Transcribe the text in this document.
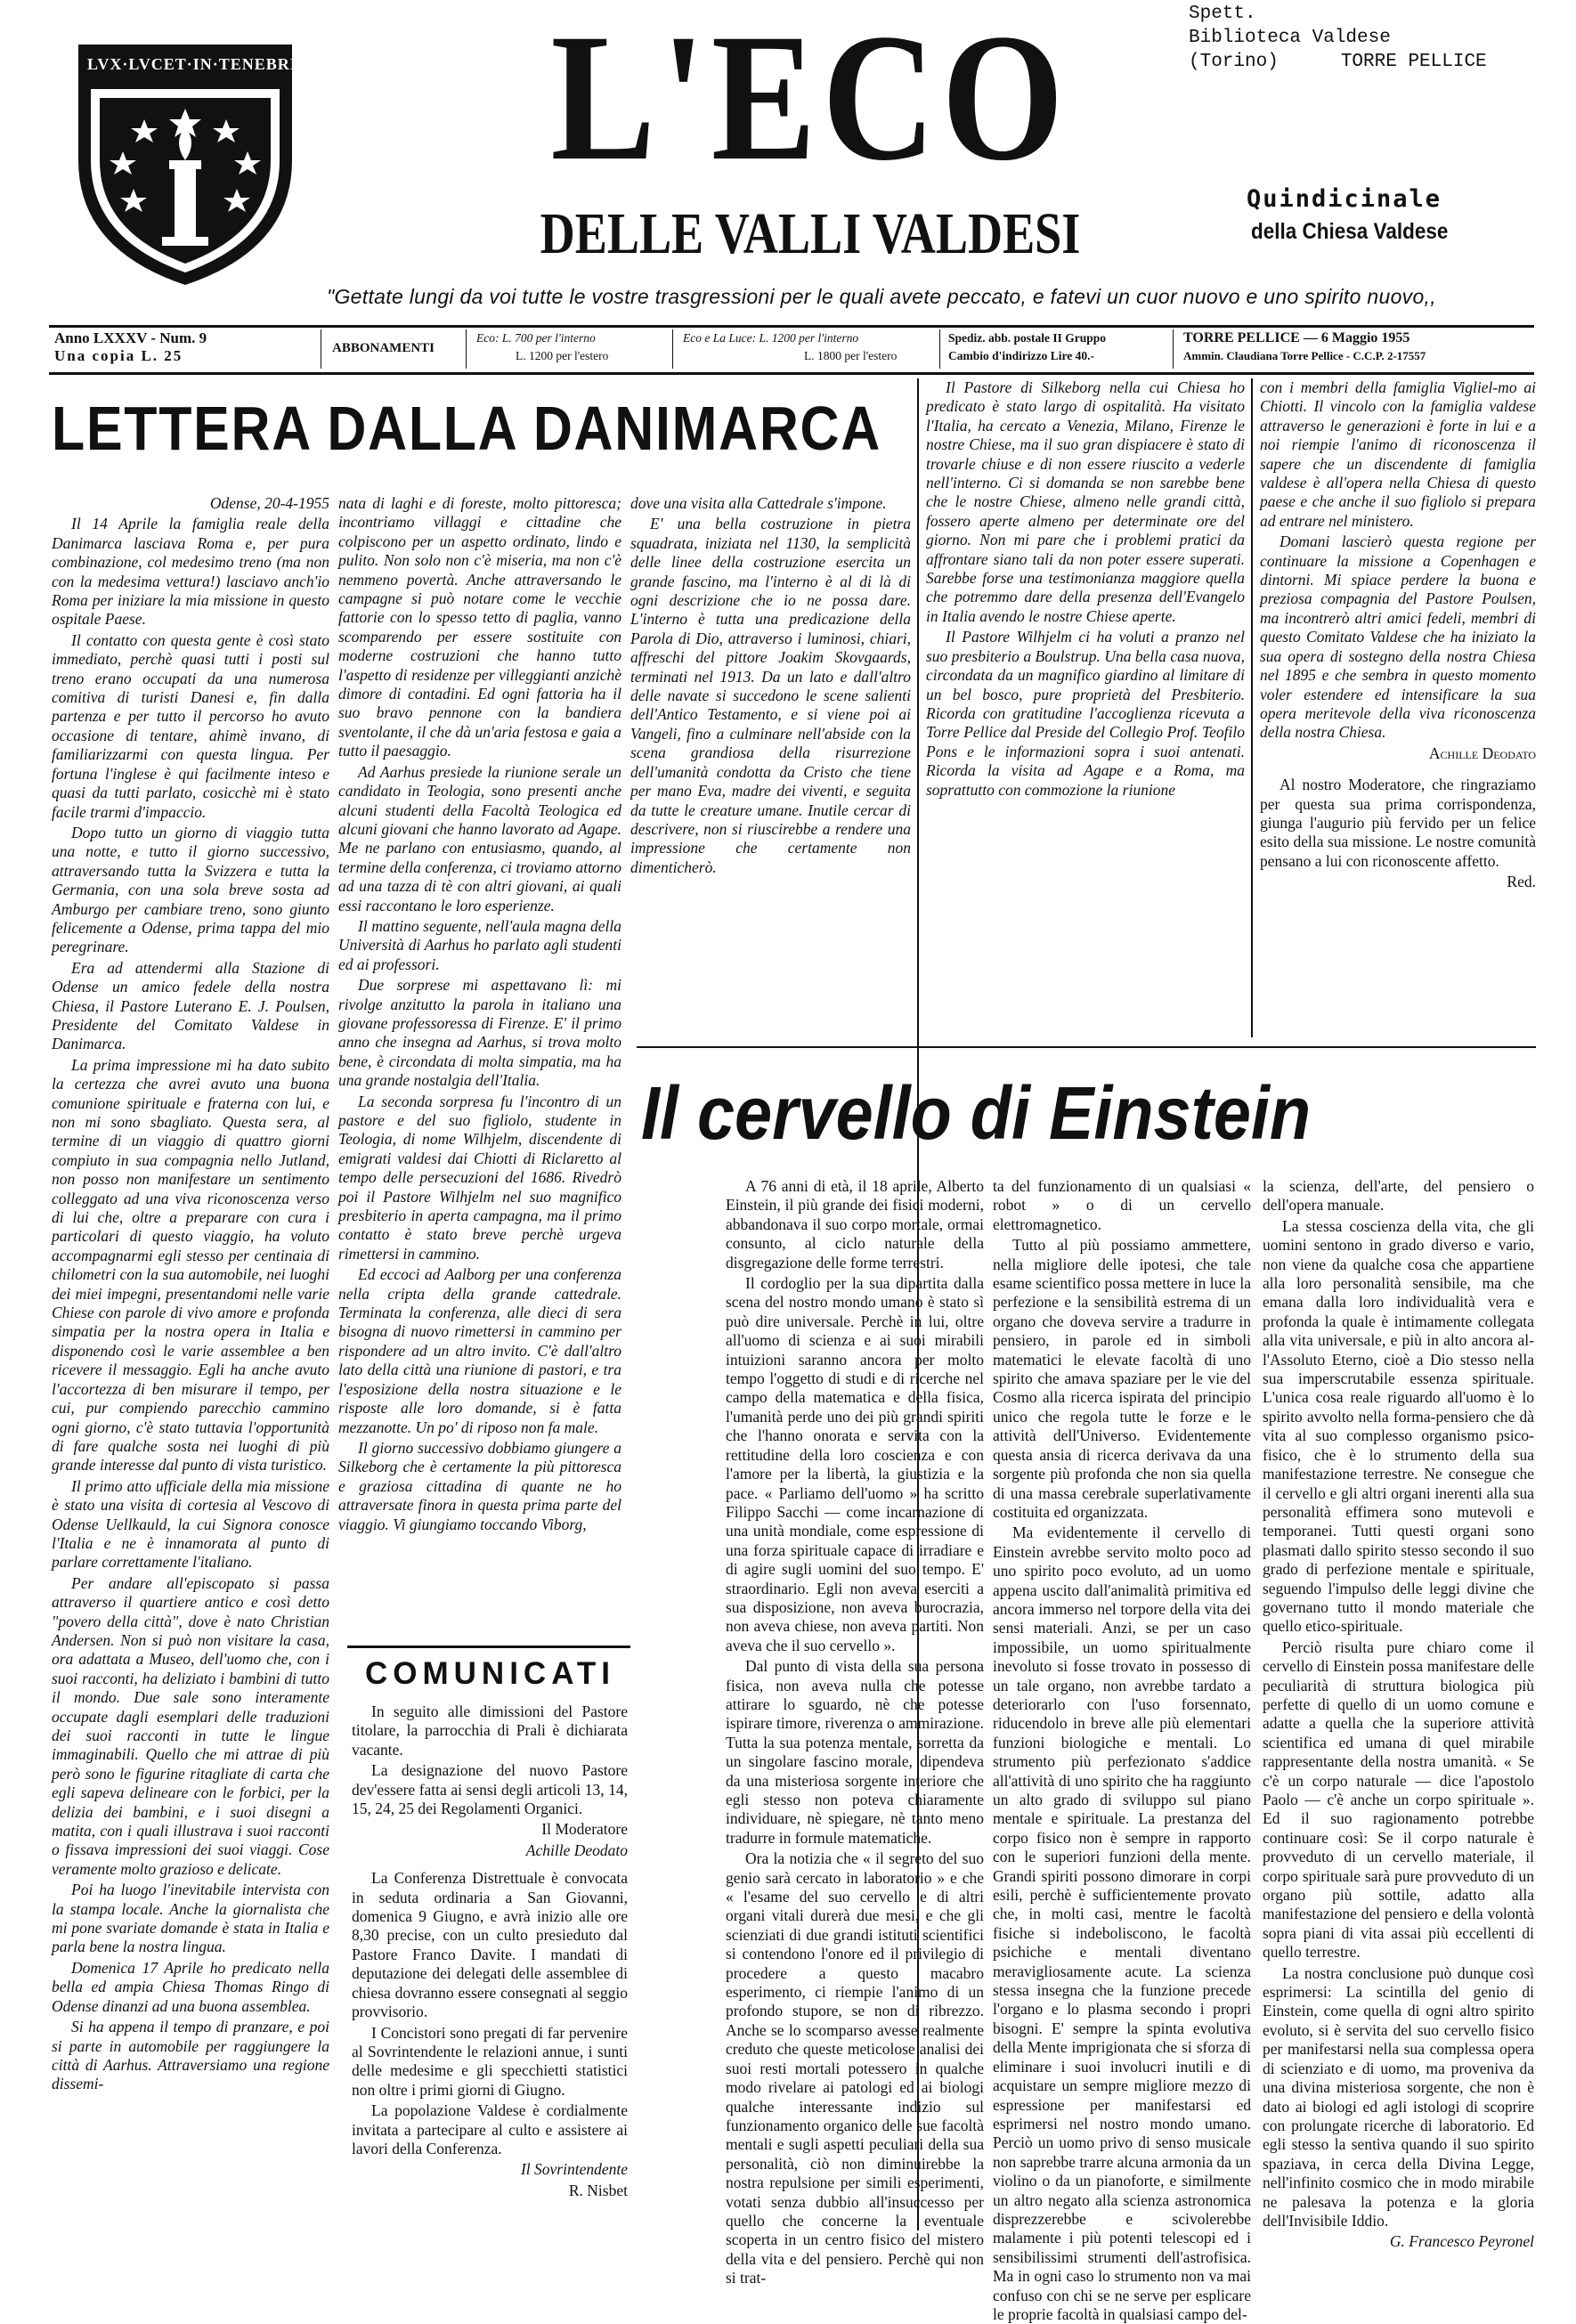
LVX·LVCET·IN·TENEBRIS	L'ECO
DELLE VALLI VALDESI
Spett.
Biblioteca Valdese
(Torino)	TORRE PELLICE
Quindicinale
della Chiesa Valdese
"Gettate lungi da voi tutte le vostre trasgressioni per le quali avete peccato, e fatevi un cuor nuovo e uno spirito nuovo,,
Anno LXXXV - Num. 9
Una copia L. 25	ABBONAMENTI
Eco: L. 700 per l'interno
L. 1200 per l'estero
Eco e La Luce: L. 1200 per l'interno
L. 1800 per l'estero
Spediz. abb. postale II Gruppo
Cambio d'indirizzo Lire 40.-
TORRE PELLICE — 6 Maggio 1955
Ammin. Claudiana Torre Pellice - C.C.P. 2-17557
LETTERA DALLA DANIMARCA

Odense, 20-4-1955

Il 14 Aprile la famiglia reale della Danimarca lasciava Roma e, per pura combinazione, col medesimo treno (ma non con la medesima vettura!) lasciavo anch'io Roma per iniziare la mia missione in questo ospitale Paese.

Il contatto con questa gente è così stato immediato, perchè quasi tutti i posti sul treno erano occupati da una numerosa comitiva di turisti Danesi e, fin dalla partenza e per tutto il percorso ho avuto occasione di tentare, ahimè invano, di familiarizzarmi con questa lingua. Per fortuna l'inglese è qui facilmente inteso e quasi da tutti parlato, cosicchè mi è stato facile trarmi d'impaccio.

Dopo tutto un giorno di viaggio tutta una notte, e tutto il giorno successivo, attraversando tutta la Svizzera e tutta la Germania, con una sola breve sosta ad Amburgo per cambiare treno, sono giunto felicemente a Odense, prima tappa del mio peregrinare.

Era ad attendermi alla Stazione di Odense un amico fedele della nostra Chiesa, il Pastore Luterano E. J. Poulsen, Presidente del Comitato Valdese in Danimarca.

La prima impressione mi ha dato subito la certezza che avrei avuto una buona comunione spirituale e fraterna con lui, e non mi sono sbagliato. Questa sera, al termine di un viaggio di quattro giorni compiuto in sua compagnia nello Jutland, non posso non manifestare un sentimento colleggato ad una viva riconoscenza verso di lui che, oltre a preparare con cura i particolari di questo viaggio, ha voluto accompagnarmi egli stesso per centinaia di chilometri con la sua automobile, nei luoghi dei miei impegni, presentandomi nelle varie Chiese con parole di vivo amore e profonda simpatia per la nostra opera in Italia e disponendo così le varie assemblee a ben ricevere il messaggio. Egli ha anche avuto l'accortezza di ben misurare il tempo, per cui, pur compiendo parecchio cammino ogni giorno, c'è stato tuttavia l'opportunità di fare qualche sosta nei luoghi di più grande interesse dal punto di vista turistico.

Il primo atto ufficiale della mia missione è stato una visita di cortesia al Vescovo di Odense Uellkauld, la cui Signora conosce l'Italia e ne è innamorata al punto di parlare correttamente l'italiano.

Per andare all'episcopato si passa attraverso il quartiere antico e così detto "povero della città", dove è nato Christian Andersen. Non si può non visitare la casa, ora adattata a Museo, dell'uomo che, con i suoi racconti, ha deliziato i bambini di tutto il mondo. Due sale sono interamente occupate dagli esemplari delle traduzioni dei suoi racconti in tutte le lingue immaginabili. Quello che mi attrae di più però sono le figurine ritagliate di carta che egli sapeva delineare con le forbici, per la delizia dei bambini, e i suoi disegni a matita, con i quali illustrava i suoi racconti o fissava impressioni dei suoi viaggi. Cose veramente molto grazioso e delicate.

Poi ha luogo l'inevitabile intervista con la stampa locale. Anche la giornalista che mi pone svariate domande è stata in Italia e parla bene la nostra lingua.

Domenica 17 Aprile ho predicato nella bella ed ampia Chiesa Thomas Ringo di Odense dinanzi ad una buona assemblea.

Si ha appena il tempo di pranzare, e poi si parte in automobile per raggiungere la città di Aarhus. Attraversiamo una regione dissemi-

nata di laghi e di foreste, molto pittoresca; incontriamo villaggi e cittadine che colpiscono per un aspetto ordinato, lindo e pulito. Non solo non c'è miseria, ma non c'è nemmeno povertà. Anche attraversando le campagne si può notare come le vecchie fattorie con lo spesso tetto di paglia, vanno scomparendo per essere sostituite con moderne costruzioni che hanno tutto l'aspetto di residenze per villeggianti anzichè dimore di contadini. Ed ogni fattoria ha il suo bravo pennone con la bandiera sventolante, il che dà un'aria festosa e gaia a tutto il paesaggio.

Ad Aarhus presiede la riunione serale un candidato in Teologia, sono presenti anche alcuni studenti della Facoltà Teologica ed alcuni giovani che hanno lavorato ad Agape. Me ne parlano con entusiasmo, quando, al termine della conferenza, ci troviamo attorno ad una tazza di tè con altri giovani, ai quali essi raccontano le loro esperienze.

Il mattino seguente, nell'aula magna della Università di Aarhus ho parlato agli studenti ed ai professori.

Due sorprese mi aspettavano lì: mi rivolge anzitutto la parola in italiano una giovane professoressa di Firenze. E' il primo anno che insegna ad Aarhus, si trova molto bene, è circondata di molta simpatia, ma ha una grande nostalgia dell'Italia.

La seconda sorpresa fu l'incontro di un pastore e del suo figliolo, studente in Teologia, di nome Wilhjelm, discendente di emigrati valdesi dai Chiotti di Riclaretto al tempo delle persecuzioni del 1686. Rivedrò poi il Pastore Wilhjelm nel suo magnifico presbiterio in aperta campagna, ma il primo contatto è stato breve perchè urgeva rimettersi in cammino.

Ed eccoci ad Aalborg per una conferenza nella cripta della grande cattedrale. Terminata la conferenza, alle dieci di sera bisogna di nuovo rimettersi in cammino per rispondere ad un altro invito. C'è dall'altro lato della città una riunione di pastori, e tra l'esposizione della nostra situazione e le risposte alle loro domande, si è fatta mezzanotte. Un po' di riposo non fa male.

Il giorno successivo dobbiamo giungere a Silkeborg che è certamente la più pittoresca e graziosa cittadina di quante ne ho attraversate finora in questa prima parte del viaggio. Vi giungiamo toccando Viborg,

dove una visita alla Cattedrale s'impone.

E' una bella costruzione in pietra squadrata, iniziata nel 1130, la semplicità delle linee della costruzione esercita un grande fascino, ma l'interno è al di là di ogni descrizione che io ne possa dare. L'interno è tutta una predicazione della Parola di Dio, attraverso i luminosi, chiari, affreschi del pittore Joakim Skovgaards, terminati nel 1913. Da un lato e dall'altro delle navate si succedono le scene salienti dell'Antico Testamento, e si viene poi ai Vangeli, fino a culminare nell'abside con la scena grandiosa della risurrezione dell'umanità condotta da Cristo che tiene per mano Eva, madre dei viventi, e seguita da tutte le creature umane. Inutile cercar di descrivere, non si riuscirebbe a rendere una impressione che certamente non dimenticherò.

Il Pastore di Silkeborg nella cui Chiesa ho predicato è stato largo di ospitalità. Ha visitato l'Italia, ha cercato a Venezia, Milano, Firenze le nostre Chiese, ma il suo gran dispiacere è stato di trovarle chiuse e di non essere riuscito a vederle nell'interno. Ci si domanda se non sarebbe bene che le nostre Chiese, almeno nelle grandi città, fossero aperte almeno per determinate ore del giorno. Non mi pare che i problemi pratici da affrontare siano tali da non poter essere superati. Sarebbe forse una testimonianza maggiore quella che potremmo dare della presenza dell'Evangelo in Italia avendo le nostre Chiese aperte.

Il Pastore Wilhjelm ci ha voluti a pranzo nel suo presbiterio a Boulstrup. Una bella casa nuova, circondata da un magnifico giardino al limitare di un bel bosco, pure proprietà del Presbiterio. Ricorda con gratitudine l'accoglienza ricevuta a Torre Pellice dal Preside del Collegio Prof. Teofilo Pons e le informazioni sopra i suoi antenati. Ricorda la visita ad Agape e a Roma, ma soprattutto con commozione la riunione

con i membri della famiglia Vigliel-mo ai Chiotti. Il vincolo con la famiglia valdese attraverso le generazioni è forte in lui e a noi riempie l'animo di riconoscenza il sapere che un discendente di famiglia valdese è all'opera nella Chiesa di questo paese e che anche il suo figliolo si prepara ad entrare nel ministero.

Domani lascierò questa regione per continuare la missione a Copenhagen e dintorni. Mi spiace perdere la buona e preziosa compagnia del Pastore Poulsen, ma incontrerò altri amici fedeli, membri di questo Comitato Valdese che ha iniziato la sua opera di sostegno della nostra Chiesa nel 1895 e che sembra in questo momento voler estendere ed intensificare la sua opera meritevole della viva riconoscenza della nostra Chiesa.

Achille Deodato

Al nostro Moderatore, che ringraziamo per questa sua prima corrispondenza, giunga l'augurio più fervido per un felice esito della sua missione. Le nostre comunità pensano a lui con riconoscente affetto.

Red.

COMUNICATI

In seguito alle dimissioni del Pastore titolare, la parrocchia di Prali è dichiarata vacante.

La designazione del nuovo Pastore dev'essere fatta ai sensi degli articoli 13, 14, 15, 24, 25 dei Regolamenti Organici.

Il Moderatore

Achille Deodato

La Conferenza Distrettuale è convocata in seduta ordinaria a San Giovanni, domenica 9 Giugno, e avrà inizio alle ore 8,30 precise, con un culto presieduto dal Pastore Franco Davite. I mandati di deputazione dei delegati delle assemblee di chiesa dovranno essere consegnati al seggio provvisorio.

I Concistori sono pregati di far pervenire al Sovrintendente le relazioni annue, i sunti delle medesime e gli specchietti statistici non oltre i primi giorni di Giugno.

La popolazione Valdese è cordialmente invitata a partecipare al culto e assistere ai lavori della Conferenza.

Il Sovrintendente

R. Nisbet

Il cervello di Einstein

A 76 anni di età, il 18 aprile, Alberto Einstein, il più grande dei fisici moderni, abbandonava il suo corpo mortale, ormai consunto, al ciclo naturale della disgregazione delle forme terrestri.

Il cordoglio per la sua dipartita dalla scena del nostro mondo umano è stato sì può dire universale. Perchè in lui, oltre all'uomo di scienza e ai suoi mirabili intuizioni saranno ancora per molto tempo l'oggetto di studi e di ricerche nel campo della matematica e della fisica, l'umanità perde uno dei più grandi spiriti che l'hanno onorata e servita con la rettitudine della loro coscienza e con l'amore per la libertà, la giustizia e la pace. « Parliamo dell'uomo » ha scritto Filippo Sacchi — come incarnazione di una unità mondiale, come espressione di una forza spirituale capace di irradiare e di agire sugli uomini del suo tempo. E' straordinario. Egli non aveva eserciti a sua disposizione, non aveva burocrazia, non aveva chiese, non aveva partiti. Non aveva che il suo cervello ».

Dal punto di vista della sua persona fisica, non aveva nulla che potesse attirare lo sguardo, nè che potesse ispirare timore, riverenza o ammirazione. Tutta la sua potenza mentale, sorretta da un singolare fascino morale, dipendeva da una misteriosa sorgente interiore che egli stesso non poteva chiaramente individuare, nè spiegare, nè tanto meno tradurre in formule matematiche.

Ora la notizia che « il segreto del suo genio sarà cercato in laboratorio » e che « l'esame del suo cervello e di altri organi vitali durerà due mesi, e che gli scienziati di due grandi istituti scientifici si contendono l'onore ed il privilegio di procedere a questo macabro esperimento, ci riempie l'animo di un profondo stupore, se non di ribrezzo. Anche se lo scomparso avesse realmente creduto che queste meticolose analisi dei suoi resti mortali potessero in qualche modo rivelare ai patologi ed ai biologi qualche interessante indizio sul funzionamento organico delle sue facoltà mentali e sugli aspetti peculiari della sua personalità, ciò non diminuirebbe la nostra repulsione per simili esperimenti, votati senza dubbio all'insuccesso per quello che concerne la eventuale scoperta in un centro fisico del mistero della vita e del pensiero. Perchè qui non si trat-

ta del funzionamento di un qualsiasi « robot » o di un cervello elettromagnetico.

Tutto al più possiamo ammettere, nella migliore delle ipotesi, che tale esame scientifico possa mettere in luce la perfezione e la sensibilità estrema di un organo che doveva servire a tradurre in pensiero, in parole ed in simboli matematici le elevate facoltà di uno spirito che amava spaziare per le vie del Cosmo alla ricerca ispirata del principio unico che regola tutte le forze e le attività dell'Universo. Evidentemente questa ansia di ricerca derivava da una sorgente più profonda che non sia quella di una massa cerebrale superlativamente costituita ed organizzata.

Ma evidentemente il cervello di Einstein avrebbe servito molto poco ad uno spirito poco evoluto, ad un uomo appena uscito dall'animalità primitiva ed ancora immerso nel torpore della vita dei sensi materiali. Anzi, se per un caso impossibile, un uomo spiritualmente inevoluto si fosse trovato in possesso di un tale organo, non avrebbe tardato a deteriorarlo con l'uso forsennato, riducendolo in breve alle più elementari funzioni biologiche e mentali. Lo strumento più perfezionato s'addice all'attività di uno spirito che ha raggiunto un alto grado di sviluppo sul piano mentale e spirituale. La prestanza del corpo fisico non è sempre in rapporto con le superiori funzioni della mente. Grandi spiriti possono dimorare in corpi esili, perchè è sufficientemente provato che, in molti casi, mentre le facoltà fisiche si indeboliscono, le facoltà psichiche e mentali diventano meravigliosamente acute. La scienza stessa insegna che la funzione precede l'organo e lo plasma secondo i propri bisogni. E' sempre la spinta evolutiva della Mente imprigionata che si sforza di eliminare i suoi involucri inutili e di acquistare un sempre migliore mezzo di espressione per manifestarsi ed esprimersi nel nostro mondo umano. Perciò un uomo privo di senso musicale non saprebbe trarre alcuna armonia da un violino o da un pianoforte, e similmente un altro negato alla scienza astronomica disprezzerebbe e scivolerebbe malamente i più potenti telescopi ed i sensibilissimi strumenti dell'astrofisica. Ma in ogni caso lo strumento non va mai confuso con chi se ne serve per esplicare le proprie facoltà in qualsiasi campo del-

la scienza, dell'arte, del pensiero o dell'opera manuale.

La stessa coscienza della vita, che gli uomini sentono in grado diverso e vario, non viene da qualche cosa che appartiene alla loro personalità sensibile, ma che emana dalla loro individualità vera e profonda la quale è intimamente collegata alla vita universale, e più in alto ancora al-l'Assoluto Eterno, cioè a Dio stesso nella sua imperscrutabile essenza spirituale. L'unica cosa reale riguardo all'uomo è lo spirito avvolto nella forma-pensiero che dà vita al suo complesso organismo psico-fisico, che è lo strumento della sua manifestazione terrestre. Ne consegue che il cervello e gli altri organi inerenti alla sua personalità effimera sono mutevoli e temporanei. Tutti questi organi sono plasmati dallo spirito stesso secondo il suo grado di perfezione mentale e spirituale, seguendo l'impulso delle leggi divine che governano tutto il mondo materiale che quello etico-spirituale.

Perciò risulta pure chiaro come il cervello di Einstein possa manifestare delle peculiarità di struttura biologica più perfette di quello di un uomo comune e adatte a quella che la superiore attività scientifica ed umana di quel mirabile rappresentante della nostra umanità. « Se c'è un corpo naturale — dice l'apostolo Paolo — c'è anche un corpo spirituale ». Ed il suo ragionamento potrebbe continuare così: Se il corpo naturale è provveduto di un cervello materiale, il corpo spirituale sarà pure provveduto di un organo più sottile, adatto alla manifestazione del pensiero e della volontà sopra piani di vita assai più eccellenti di quello terrestre.

La nostra conclusione può dunque così esprimersi: La scintilla del genio di Einstein, come quella di ogni altro spirito evoluto, si è servita del suo cervello fisico per manifestarsi nella sua complessa opera di scienziato e di uomo, ma proveniva da una divina misteriosa sorgente, che non è dato ai biologi ed agli istologi di scoprire con prolungate ricerche di laboratorio. Ed egli stesso la sentiva quando il suo spirito spaziava, in cerca della Divina Legge, nell'infinito cosmico che in modo mirabile ne palesava la potenza e la gloria dell'Invisibile Iddio.

G. Francesco Peyronel
